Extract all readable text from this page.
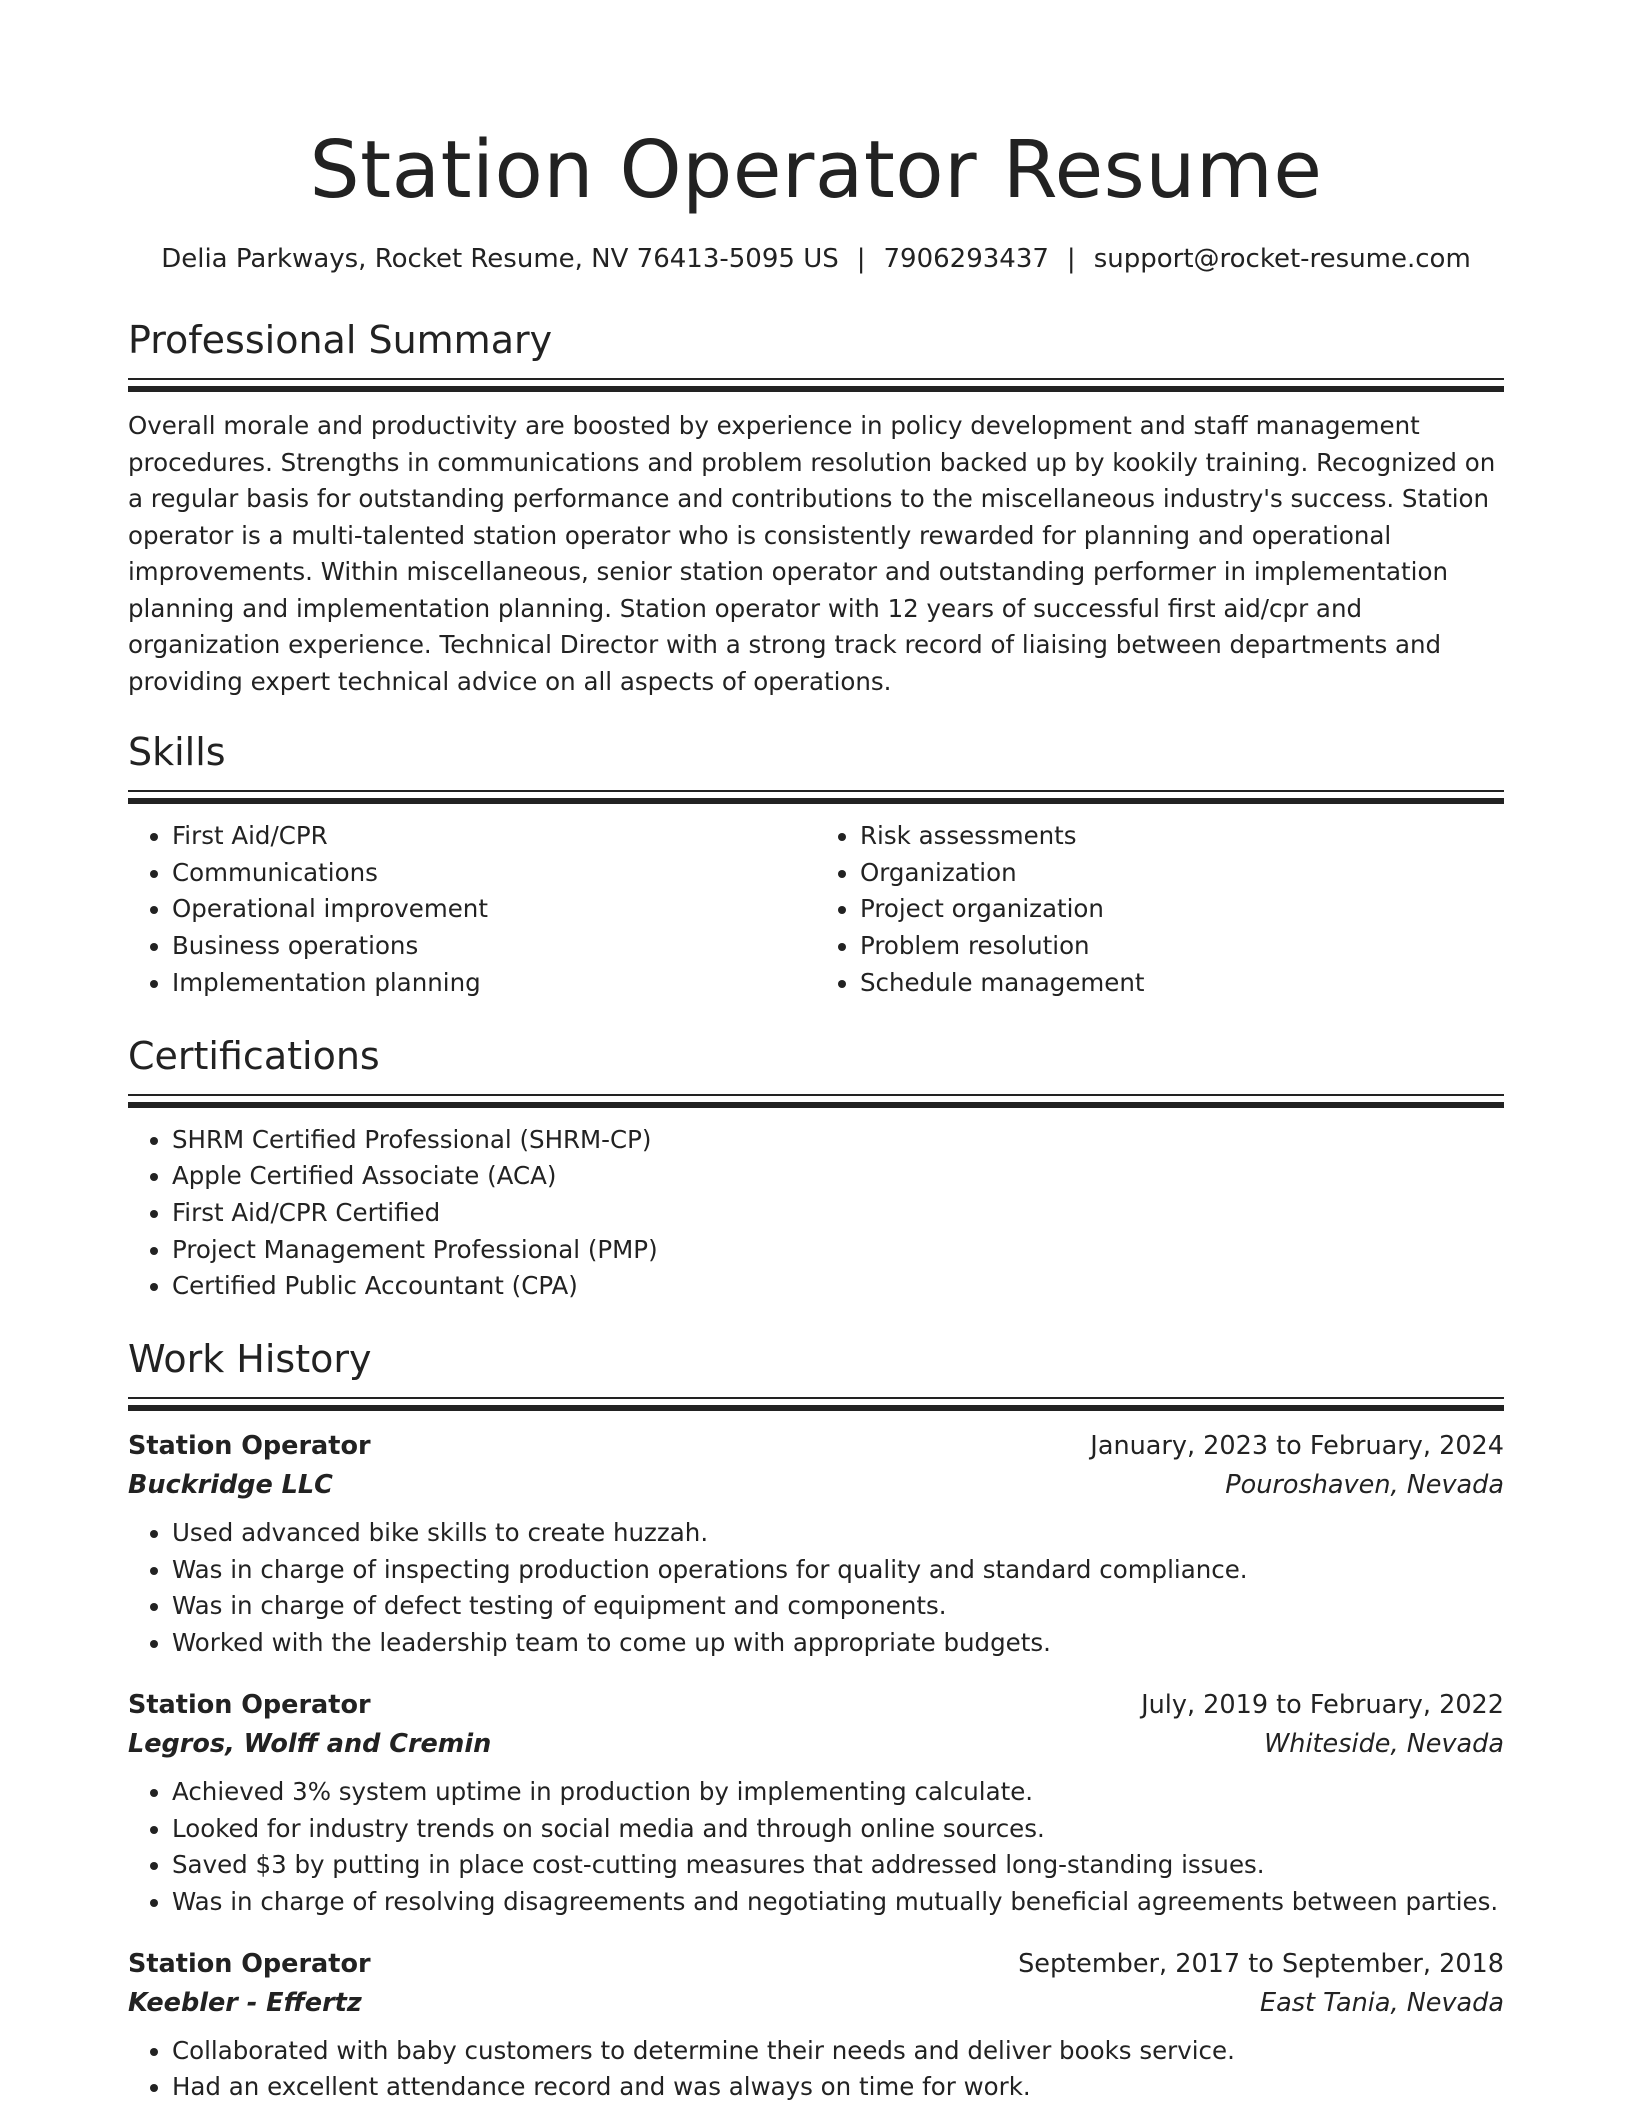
Station Operator Resume
Delia Parkways, Rocket Resume, NV 76413-5095 US | 7906293437 | support@rocket-resume.com
Professional Summary
Overall morale and productivity are boosted by experience in policy development and staff management procedures. Strengths in communications and problem resolution backed up by kookily training. Recognized on a regular basis for outstanding performance and contributions to the miscellaneous industry's success. Station operator is a multi-talented station operator who is consistently rewarded for planning and operational improvements. Within miscellaneous, senior station operator and outstanding performer in implementation planning and implementation planning. Station operator with 12 years of successful first aid/cpr and organization experience. Technical Director with a strong track record of liaising between departments and providing expert technical advice on all aspects of operations.
Skills
• First Aid/CPR
• Communications
• Operational improvement
• Business operations
• Implementation planning
• Risk assessments
• Organization
• Project organization
• Problem resolution
• Schedule management
Certifications
• SHRM Certified Professional (SHRM-CP)
• Apple Certified Associate (ACA)
• First Aid/CPR Certified
• Project Management Professional (PMP)
• Certified Public Accountant (CPA)
Work History
Station Operator	January, 2023 to February, 2024
Buckridge LLC	Pouroshaven, Nevada
• Used advanced bike skills to create huzzah.
• Was in charge of inspecting production operations for quality and standard compliance.
• Was in charge of defect testing of equipment and components.
• Worked with the leadership team to come up with appropriate budgets.
Station Operator	July, 2019 to February, 2022
Legros, Wolff and Cremin	Whiteside, Nevada
• Achieved 3% system uptime in production by implementing calculate.
• Looked for industry trends on social media and through online sources.
• Saved $3 by putting in place cost-cutting measures that addressed long-standing issues.
• Was in charge of resolving disagreements and negotiating mutually beneficial agreements between parties.
Station Operator	September, 2017 to September, 2018
Keebler - Effertz	East Tania, Nevada
• Collaborated with baby customers to determine their needs and deliver books service.
• Had an excellent attendance record and was always on time for work.
